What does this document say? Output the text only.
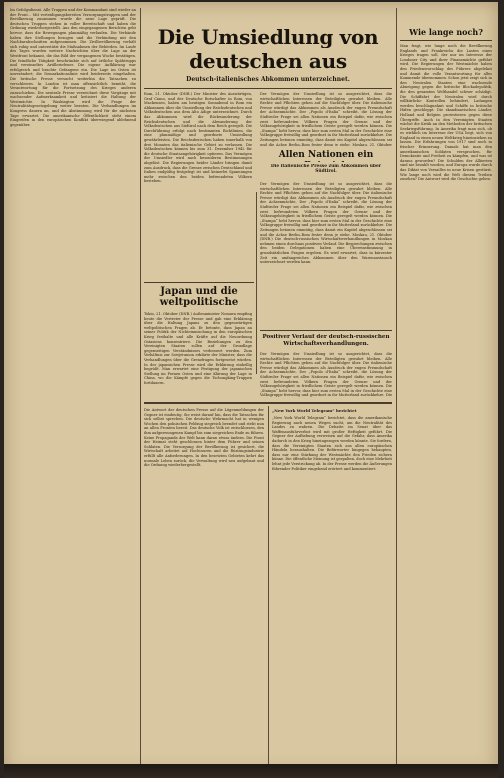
Im Gefolgsdienst. Alle Truppen und der Kommandant sind wieder an der Front... Mit verteidigungsbereiten Versorgungstruppen und der Bevölkerung zusammen wurde die neue Lage geprüft. Die deutschen Truppen stehen in voller Bereitschaft und haben die Ordnung wiederhergestellt. Aus den eingegangenen Berichten geht hervor, dass die Bewegungen planmäßig verlaufen. Die Verbände haben ihre Stellungen bezogen und die Verbindung mit den Nachbarabschnitten aufgenommen. Die Zivilbevölkerung verhält sich ruhig und unterstützt die Maßnahmen der Behörden. Im Laufe des Tages wurden weitere Nachrichten über die Lage an der Westfront bekannt, die das Bild der vergangenen Woche bestätigen. Die feindliche Tätigkeit beschränkte sich auf örtliche Spähtrupps und vereinzeltes Artilleriefeuer. Die eigene Aufklärung war erfolgreich und brachte Gefangene ein. Die Lage im Osten ist unverändert; die Demarkationslinie wird beiderseits eingehalten. Die britische Presse versucht weiterhin die Tatsachen zu verschleiern. In London ist man offensichtlich bemüht, die Verantwortung für die Fortsetzung des Krieges anderen zuzuschieben. Die neutrale Presse verzeichnet diese Vorgänge mit wachsender Aufmerksamkeit und kritisiert die Haltung der Westmächte. In Washington wird die Frage der Neutralitätsgesetzgebung weiter beraten. Die Verhandlungen im Kongress dauern an, und die Abstimmung wird für die nächsten Tage erwartet. Die amerikanische Öffentlichkeit steht einem Eingreifen in den europäischen Konflikt überwiegend ablehnend gegenüber.
Die Umsiedlung von
deutschen aus
Deutsch-italienisches Abkommen unterzeichnet.
Rom, 21. Oktober (DNB.) Der Minister des Auswärtigen, Graf Ciano, und der Deutsche Botschafter in Rom, von Mackensen, haben am heutigen Sonnabend in Rom ein Abkommen über die Umsiedlung der Reichsdeutschen und Volksdeutschen aus dem Alto Adige unterzeichnet. Durch das Abkommen wird die Rückwanderung der Reichsdeutschen und die Abwanderung der Volksdeutschen aus Südtirol nach dem Reich geregelt. Die Durchführung erfolgt nach bestimmten Richtlinien, die eine planmäßige und geordnete Umsiedlung gewährleisten. Die Reichsdeutschen haben innerhalb von drei Monaten das italienische Gebiet zu verlassen. Die Volksdeutschen können bis zum 31. Dezember 1942 für die deutsche Staatsangehörigkeit optieren. Das Vermögen der Umsiedler wird nach besonderen Bestimmungen abgelöst. Die Regierungen beider Länder bringen damit zum Ausdruck, dass die Grenze zwischen Deutschland und Italien endgültig festgelegt ist und keinerlei Spannungen mehr zwischen den beiden befreundeten Völkern bestehen.
Der Vermögen der Umsiedlung ist so ausgerichtet, dass die wirtschaftlichen Interessen der Beteiligten gewahrt bleiben. Alle Rechte und Pflichten gehen auf die Nachfolger über. Die italienische Presse würdigt das Abkommen als Ausdruck der engen Freundschaft der Achsenmächte. Der „Popolo d'Italia“ schreibt, die Lösung der Südtiroler Frage sei allen Nationen ein Beispiel dafür, wie zwischen zwei befreundeten Völkern Fragen der Grenze und der Volkszugehörigkeit in friedlichem Geiste geregelt werden können. Die „Stampa“ hebt hervor, dass hier zum ersten Mal in der Geschichte eine Volksgruppe freiwillig und geordnet in ihr Mutterland zurückkehre. Die Zeitungen betonen einmütig, dass damit ein Kapitel abgeschlossen sei und die Achse Berlin–Rom fester denn je stehe. Moskau, 21. Oktober
Allen Nationen ein
Die italienische Presse zum Abkommen über Südtirol.
Der Vermögen der Umsiedlung ist so ausgerichtet, dass die wirtschaftlichen Interessen der Beteiligten gewahrt bleiben. Alle Rechte und Pflichten gehen auf die Nachfolger über. Die italienische Presse würdigt das Abkommen als Ausdruck der engen Freundschaft der Achsenmächte. Der „Popolo d'Italia“ schreibt, die Lösung der Südtiroler Frage sei allen Nationen ein Beispiel dafür, wie zwischen zwei befreundeten Völkern Fragen der Grenze und der Volkszugehörigkeit in friedlichem Geiste geregelt werden können. Die „Stampa“ hebt hervor, dass hier zum ersten Mal in der Geschichte eine Volksgruppe freiwillig und geordnet in ihr Mutterland zurückkehre. Die Zeitungen betonen einmütig, dass damit ein Kapitel abgeschlossen sei und die Achse Berlin–Rom fester denn je stehe. Moskau, 21. Oktober (DNB.) Die deutsch-russischen Wirtschaftsverhandlungen in Moskau nehmen einen durchaus positiven Verlauf. Die Besprechungen zwischen den beiden Delegationen haben eine Übereinstimmung in grundsätzlichen Fragen ergeben. Es wird erwartet, dass in kürzester Zeit ein umfangreiches Abkommen über den Warenaustausch unterzeichnet werden kann.
Japan und die weltpolitische
Tokio, 21. Oktober (DNB.) Außenminister Nomura empfing heute die Vertreter der Presse und gab eine Erklärung über die Haltung Japans zu den gegenwärtigen weltpolitischen Fragen ab. Er betonte, dass Japan an seiner Politik der Nichteinmischung in den europäischen Krieg festhalte und alle Kräfte auf die Neuordnung Ostasiens konzentriere. Die Beziehungen zu den Vereinigten Staaten sollen auf der Grundlage gegenseitigen Verständnisses verbessert werden. Zum Verhältnis zur Sowjetunion erklärte der Minister, dass die Verhandlungen über die Grenzfragen fortgesetzt würden. In der japanischen Presse wird die Erklärung einhellig begrüßt. Man erwartet eine Festigung der japanischen Stellung im Fernen Osten und eine Klärung der Lage in China, wo die Kämpfe gegen die Tschungking-Truppen fortdauern.
Positiver Verlauf der deutsch-russischen Wirtschaftsverhandlungen.
Der Vermögen der Umsiedlung ist so ausgerichtet, dass die wirtschaftlichen Interessen der Beteiligten gewahrt bleiben. Alle Rechte und Pflichten gehen auf die Nachfolger über. Die italienische Presse würdigt das Abkommen als Ausdruck der engen Freundschaft der Achsenmächte. Der „Popolo d'Italia“ schreibt, die Lösung der Südtiroler Frage sei allen Nationen ein Beispiel dafür, wie zwischen zwei befreundeten Völkern Fragen der Grenze und der Volkszugehörigkeit in friedlichem Geiste geregelt werden können. Die „Stampa“ hebt hervor, dass hier zum ersten Mal in der Geschichte eine Volksgruppe freiwillig und geordnet in ihr Mutterland zurückkehre. Die
Die Antwort der deutschen Presse auf die Lügenmeldungen der Gegner ist eindeutig. Sie weist darauf hin, dass die Tatsachen für sich selbst sprechen. Die deutsche Wehrmacht hat in wenigen Wochen den polnischen Feldzug siegreich beendet und steht nun an allen Fronten bereit. Das deutsche Volk ist entschlossen, den ihm aufgezwungenen Kampf bis zum siegreichen Ende zu führen. Keine Propaganda der Welt kann daran etwas ändern. Die Front der Heimat steht geschlossen hinter dem Führer und seinen Soldaten. Die Versorgung der Bevölkerung ist gesichert, die Wirtschaft arbeitet auf Hochtouren und die Rüstungsindustrie erfüllt alle Anforderungen. In den besetzten Gebieten kehrt das normale Leben zurück, die Verwaltung wird neu aufgebaut und die Ordnung wiederhergestellt.
„New York World Telegram“ berichtet
„New York World Telegram“ berichtet, dass die amerikanische Regierung nach neuen Wegen sucht, um die Neutralität des Landes zu wahren. Die Debatte im Senat über das Waffenausfuhrverbot wird mit großer Heftigkeit geführt. Die Gegner der Aufhebung verweisen auf die Gefahr, dass Amerika dadurch in den Krieg hineingezogen werden könnte. Sie fordern, dass die Vereinigten Staaten sich aus allen europäischen Händeln heraushalten. Die Befürworter hingegen behaupten, dass nur eine Stärkung der Westmächte den Frieden sichern könne. Die öffentliche Meinung ist gespalten, doch eine Mehrheit lehnt jede Verstrickung ab. In der Presse werden die Äußerungen führender Politiker eingehend erörtert und kommentiert.
Wie lange noch?
Man fragt, wie lange noch die Bevölkerung Englands und Frankreichs die Lasten eines Krieges tragen soll, der nur im Interesse der Londoner City und ihrer Finanzmächte geführt wird. Die Regierungen der Westmächte haben den Friedensvorschlag des Führers abgelehnt und damit die volle Verantwortung für alles Kommende übernommen. Schon jetzt zeigt sich in den Neutralen Staaten eine wachsende Abneigung gegen die britische Blockadepolitik, die den gesamten Welthandel schwer schädigt. Die Schiffahrt der Neutralen wird durch willkürliche Kontrollen behindert, Ladungen werden beschlagnahmt und Schiffe in britische Häfen geschleppt. Die skandinavischen Länder, Holland und Belgien protestieren gegen diese Übergriffe. Auch in den Vereinigten Staaten wächst die Kritik an den Methoden der britischen Seekriegsführung. In Amerika fragt man sich, ob es wirklich im Interesse der USA liegt, sich von England in einen neuen Weltkrieg hineinziehen zu lassen. Die Erfahrungen von 1917 sind noch in frischer Erinnerung. Damals hat man den amerikanischen Soldaten versprochen, für Demokratie und Freiheit zu kämpfen, und was ist daraus geworden? Die Schulden der Alliierten sind nie bezahlt worden, und Europa wurde durch das Diktat von Versailles in neue Krisen gestürzt. Wie lange noch wird die Welt diesem Treiben zusehen? Die Antwort wird die Geschichte geben.
